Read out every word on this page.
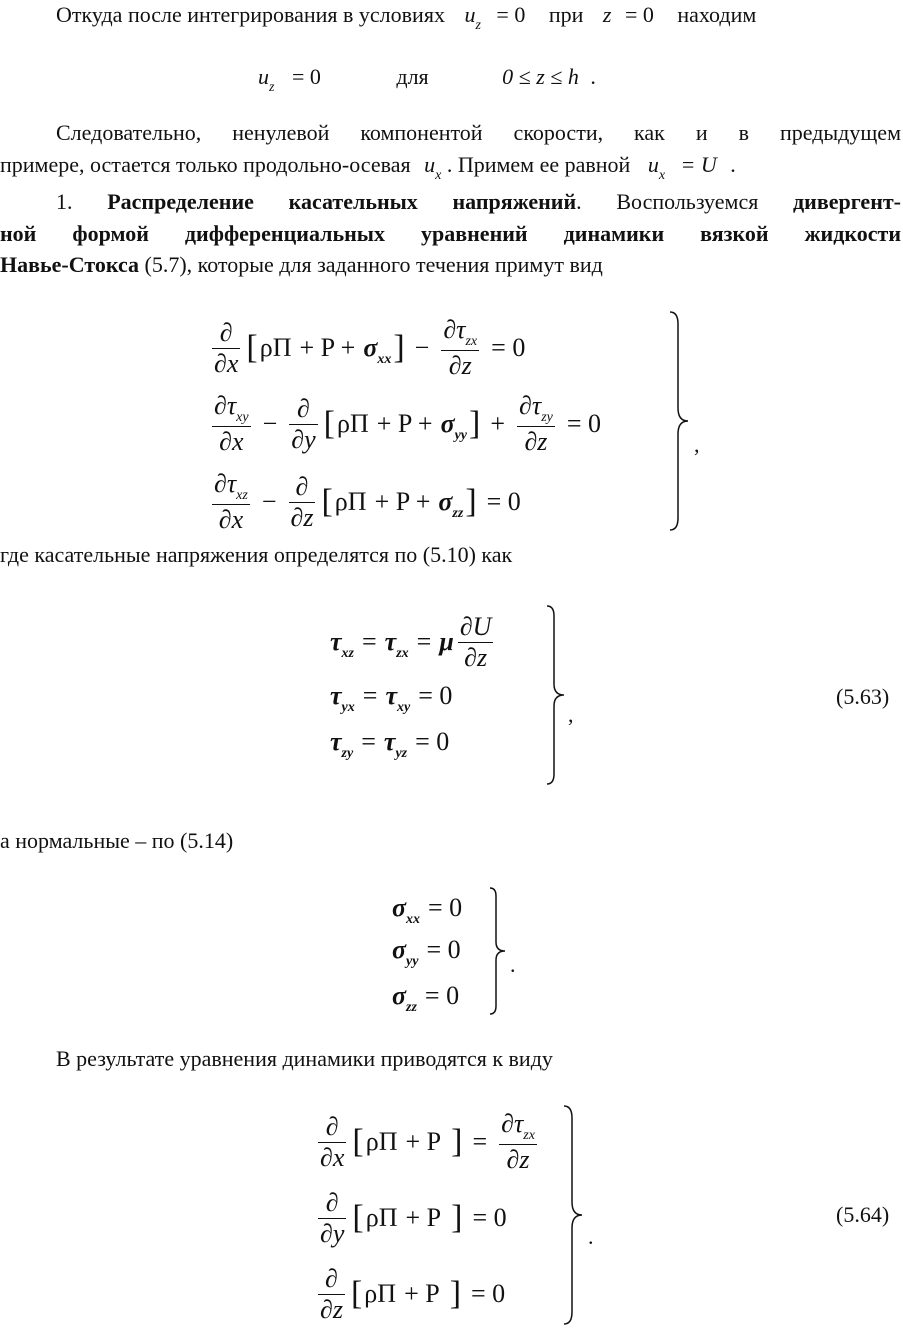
Откуда после интегрирования в условиях $u_z = 0$ при z = 0 находим
$u_z = 0$	для	0 ≤ z ≤ h .
Следовательно, ненулевой компонентой скорости, как и в предыдущем
примере, остается только продольно-осевая $u_x$ . Примем ее равной $u_x = U$ .
1. Распределение касательных напряжений. Воспользуемся дивергент-
ной формой дифференциальных уравнений динамики вязкой жидкости
Навье-Стокса (5.7), которые для заданного течения примут вид
$\frac{\partial}{\partial x}$ [ $\rho\Pi + P + \sigma_{xx}$ ] − $\frac{\partial\tau_{zx}}{\partial z} = 0$
$\frac{\partial\tau_{xy}}{\partial x} - \frac{\partial}{\partial y}$ [ $\rho\Pi + P + \sigma_{yy}$ ] + $\frac{\partial\tau_{zy}}{\partial z} = 0$
$\frac{\partial\tau_{xz}}{\partial x} - \frac{\partial}{\partial z}$ [ $\rho\Pi + P + \sigma_{zz}$ ] = 0
,
где касательные напряжения определятся по (5.10) как
$\tau_{xz} = \tau_{zx} = \mu \frac{\partial U}{\partial z}$
$\tau_{yx} = \tau_{xy} = 0$
$\tau_{zy} = \tau_{yz} = 0$
,
(5.63)
а нормальные – по (5.14)
$\sigma_{xx} = 0$
$\sigma_{yy} = 0$
$\sigma_{zz} = 0$
.
В результате уравнения динамики приводятся к виду
$\frac{\partial}{\partial x}$ [ ρΠ + P ] = $\frac{\partial\tau_{zx}}{\partial z}$
$\frac{\partial}{\partial y}$ [ ρΠ + P ] = 0
$\frac{\partial}{\partial z}$ [ ρΠ + P ] = 0
.
(5.64)
